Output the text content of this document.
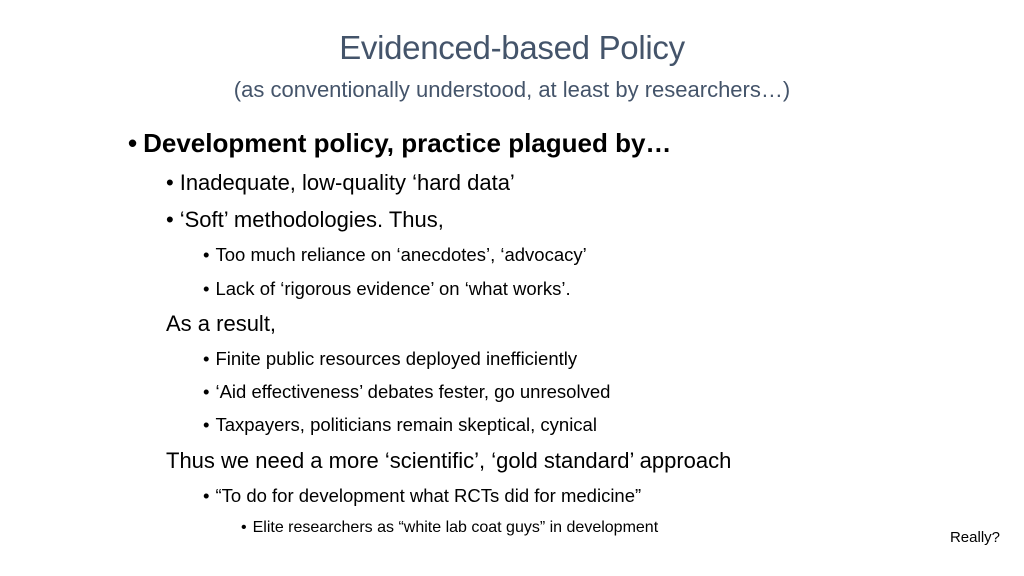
Evidenced-based Policy
(as conventionally understood, at least by researchers…)
• Development policy, practice plagued by…
• Inadequate, low-quality ‘hard data’
• ‘Soft’ methodologies. Thus,
• Too much reliance on ‘anecdotes’, ‘advocacy’
• Lack of ‘rigorous evidence’ on ‘what works’.
As a result,
• Finite public resources deployed inefficiently
• ‘Aid effectiveness’ debates fester, go unresolved
• Taxpayers, politicians remain skeptical, cynical
Thus we need a more ‘scientific’, ‘gold standard’ approach
• “To do for development what RCTs did for medicine”
• Elite researchers as “white lab coat guys” in development
Really?
